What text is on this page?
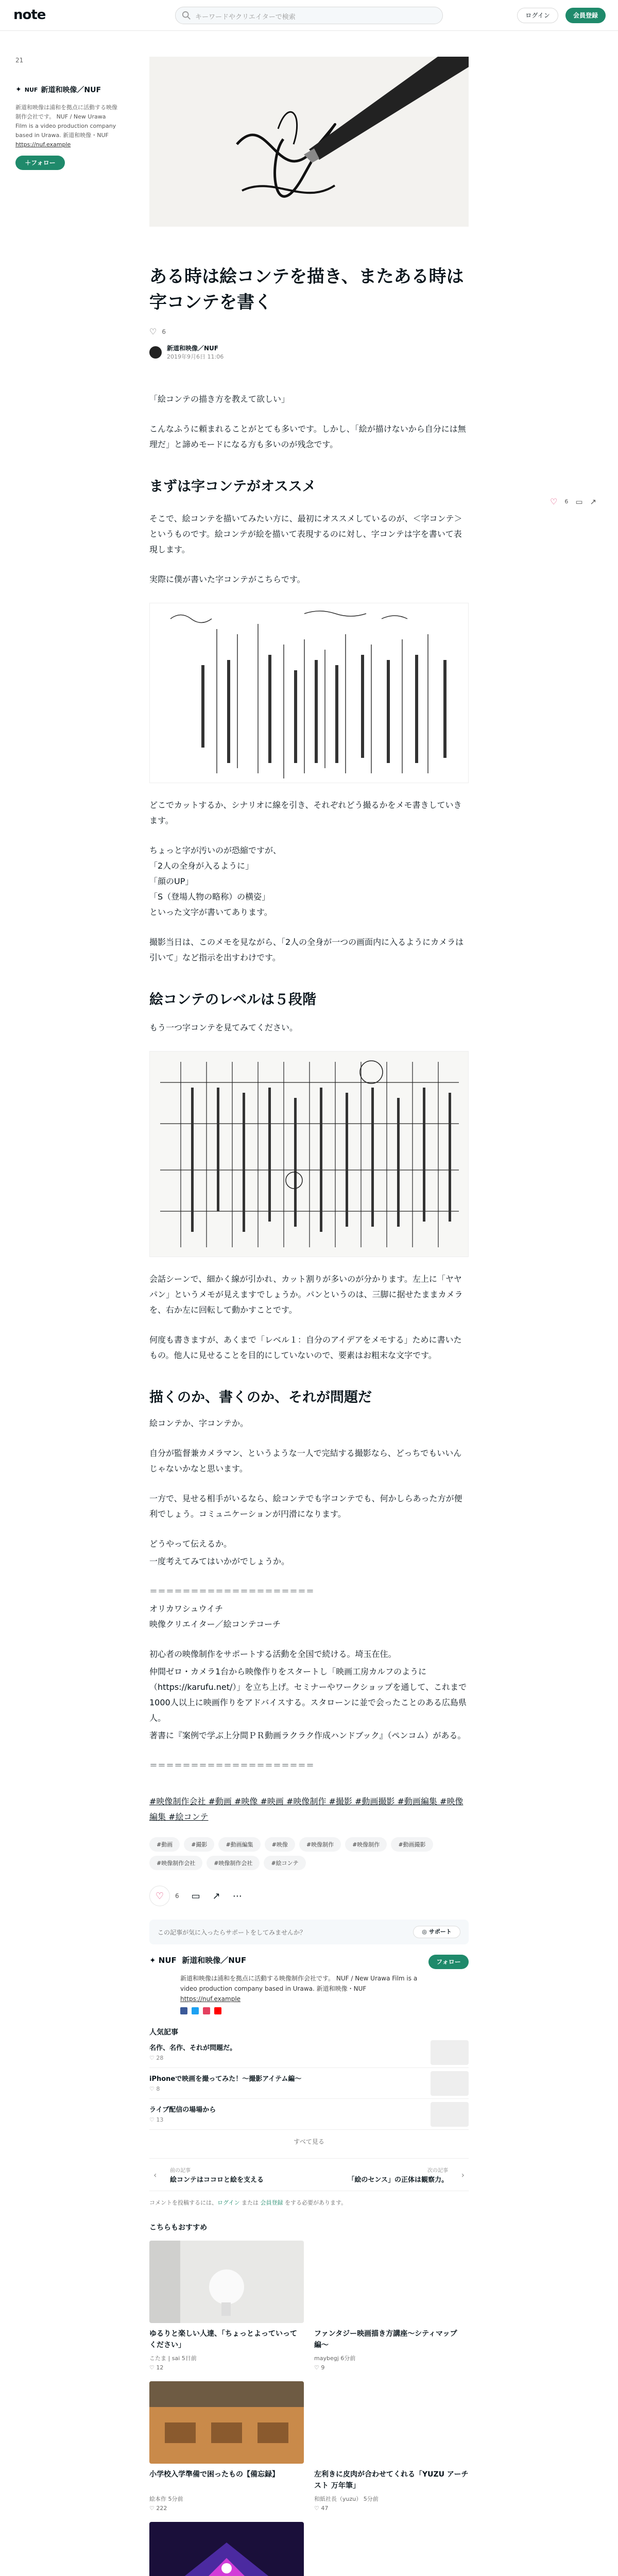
note	キーワードやクリエイターで検索	ログイン	会員登録
21
✦ NUF 新道和映像／NUF
新道和映像は浦和を拠点に活動する映像制作会社です。 NUF / New Urawa Film is a video production company based in Urawa. 新道和映像・NUF
https://nuf.example
＋フォロー
♡ 6 ▭ ↗
ある時は絵コンテを描き、またある時は字コンテを書く
♡ 6
新道和映像／NUF
2019年9月6日 11:06

「絵コンテの描き方を教えて欲しい」

こんなふうに頼まれることがとても多いです。しかし、「絵が描けないから自分には無理だ」と諦めモードになる方も多いのが残念です。

まずは字コンテがオススメ

そこで、絵コンテを描いてみたい方に、最初にオススメしているのが、＜字コンテ＞というものです。絵コンテが絵を描いて表現するのに対し、字コンテは字を書いて表現します。

実際に僕が書いた字コンテがこちらです。

どこでカットするか、シナリオに線を引き、それぞれどう撮るかをメモ書きしていきます。

ちょっと字が汚いのが恐縮ですが、
「2人の全身が入るように」
「顔のUP」
「S（登場人物の略称）の横姿」
といった文字が書いてあります。

撮影当日は、このメモを見ながら、「2人の全身が一つの画面内に入るようにカメラは引いて」など指示を出すわけです。

絵コンテのレベルは５段階

もう一つ字コンテを見てみてください。

会話シーンで、細かく線が引かれ、カット割りが多いのが分かります。左上に「ヤヤパン」というメモが見えますでしょうか。パンというのは、三脚に据せたままカメラを、右か左に回転して動かすことです。

何度も書きますが、あくまで「レベル１：自分のアイデアをメモする」ために書いたもの。他人に見せることを目的にしていないので、要素はお粗末な文字です。

描くのか、書くのか、それが問題だ

絵コンテか、字コンテか。

自分が監督兼カメラマン、というような一人で完結する撮影なら、どっちでもいいんじゃないかなと思います。

一方で、見せる相手がいるなら、絵コンテでも字コンテでも、何かしらあった方が便利でしょう。コミュニケーションが円滑になります。

どうやって伝えるか。

一度考えてみてはいかがでしょうか。

＝＝＝＝＝＝＝＝＝＝＝＝＝＝＝＝＝＝＝＝

オリカワシュウイチ

映像クリエイター／絵コンテコーチ

初心者の映像制作をサポートする活動を全国で続ける。埼玉在住。

仲間ゼロ・カメラ1台から映像作りをスタートし「映画工房カルフのように（https://karufu.net/）」を立ち上げ。セミナーやワークショップを通して、これまで1000人以上に映画作りをアドバイスする。スタローンに並で会ったことのある広島県人。

著書に『案例で学ぶ上分間ＰＲ動画ラクラク作成ハンドブック』（ペンコム）がある。

＝＝＝＝＝＝＝＝＝＝＝＝＝＝＝＝＝＝＝＝

#映像制作会社 #動画 #映像 #映画 #映像制作 #撮影 #動画撮影 #動画編集 #映像編集 #絵コンテ
#動画	#撮影	#動画編集	#映像	#映像制作	#映像制作	#動画撮影
#映像制作会社	#映像制作会社	#絵コンテ
♡ 6 ▭ ↗ ⋯
この記事が気に入ったらサポートをしてみませんか？	◎ サポート
✦ NUF  新道和映像／NUF	フォロー
新道和映像は浦和を拠点に活動する映像制作会社です。 NUF / New Urawa Film is a video production company based in Urawa. 新道和映像・NUF https://nuf.example
人気記事
名作、名作、それが問題だ。
♡ 28
iPhoneで映画を撮ってみた！〜撮影アイテム編〜
♡ 8
ライブ配信の場場から
♡ 13
すべて見る
‹	前の記事
絵コンテはココロと絵を支える
次の記事
「絵のセンス」の正体は観察力。
›
コメントを投稿するには、ログイン または 会員登録 をする必要があります。
こちらもおすすめ
ゆるりと楽しい人達、「ちょっとよっていってください」
こたま | sai 5日前
♡ 12
ファンタジー映画描き方講座〜シティマップ編〜
maybegj 6分前
♡ 9
小学校入学準備で困ったもの【備忘録】
絵本作 5分前
♡ 222
左利きに皮肉が合わせてくれる「YUZU アーチスト 万年筆」
和紙社長（yuzu） 5分前
♡ 47
